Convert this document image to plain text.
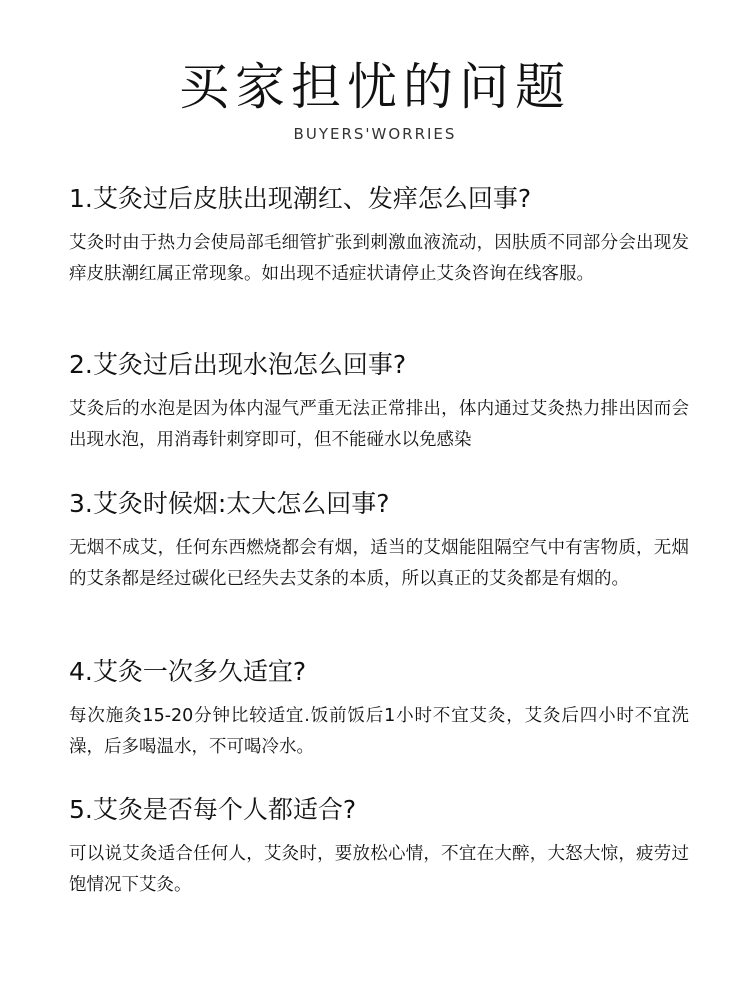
买家担忧的问题
BUYERS'WORRIES
1.艾灸过后皮肤出现潮红、发痒怎么回事?

艾灸时由于热力会使局部毛细管扩张到刺激血液流动，因肤质不同部分会出现发痒皮肤潮红属正常现象。如出现不适症状请停止艾灸咨询在线客服。

2.艾灸过后出现水泡怎么回事?

艾灸后的水泡是因为体内湿气严重无法正常排出，体内通过艾灸热力排出因而会出现水泡，用消毒针刺穿即可，但不能碰水以免感染

3.艾灸时候烟:太大怎么回事?

无烟不成艾，任何东西燃烧都会有烟，适当的艾烟能阻隔空气中有害物质，无烟的艾条都是经过碳化已经失去艾条的本质，所以真正的艾灸都是有烟的。

4.艾灸一次多久适宜?

每次施灸15-20分钟比较适宜.饭前饭后1小时不宜艾灸，艾灸后四小时不宜洗澡，后多喝温水，不可喝冷水。

5.艾灸是否每个人都适合?

可以说艾灸适合任何人，艾灸时，要放松心情，不宜在大醉，大怒大惊，疲劳过饱情况下艾灸。
